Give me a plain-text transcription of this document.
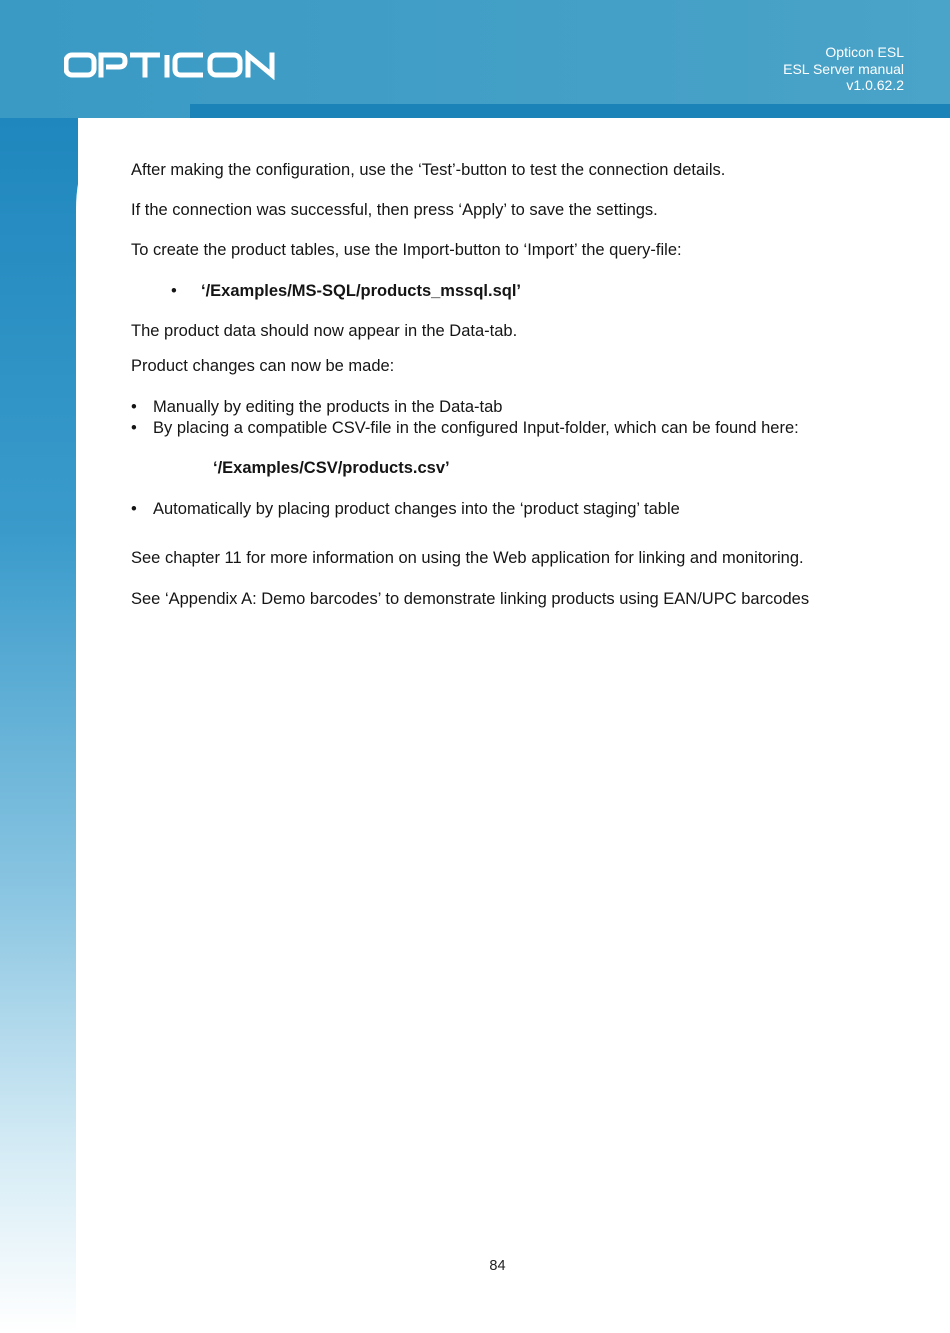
OPTICON	Opticon ESL
ESL Server manual
v1.0.62.2
After making the configuration, use the ‘Test’-button to test the connection details.
If the connection was successful, then press ‘Apply’ to save the settings.
To create the product tables, use the Import-button to ‘Import’ the query-file:
• ‘/Examples/MS-SQL/products_mssql.sql’
The product data should now appear in the Data-tab.
Product changes can now be made:
• Manually by editing the products in the Data-tab
• By placing a compatible CSV-file in the configured Input-folder, which can be found here:
‘/Examples/CSV/products.csv’
• Automatically by placing product changes into the ‘product staging’ table
See chapter 11 for more information on using the Web application for linking and monitoring.
See ‘Appendix A: Demo barcodes’ to demonstrate linking products using EAN/UPC barcodes
84
